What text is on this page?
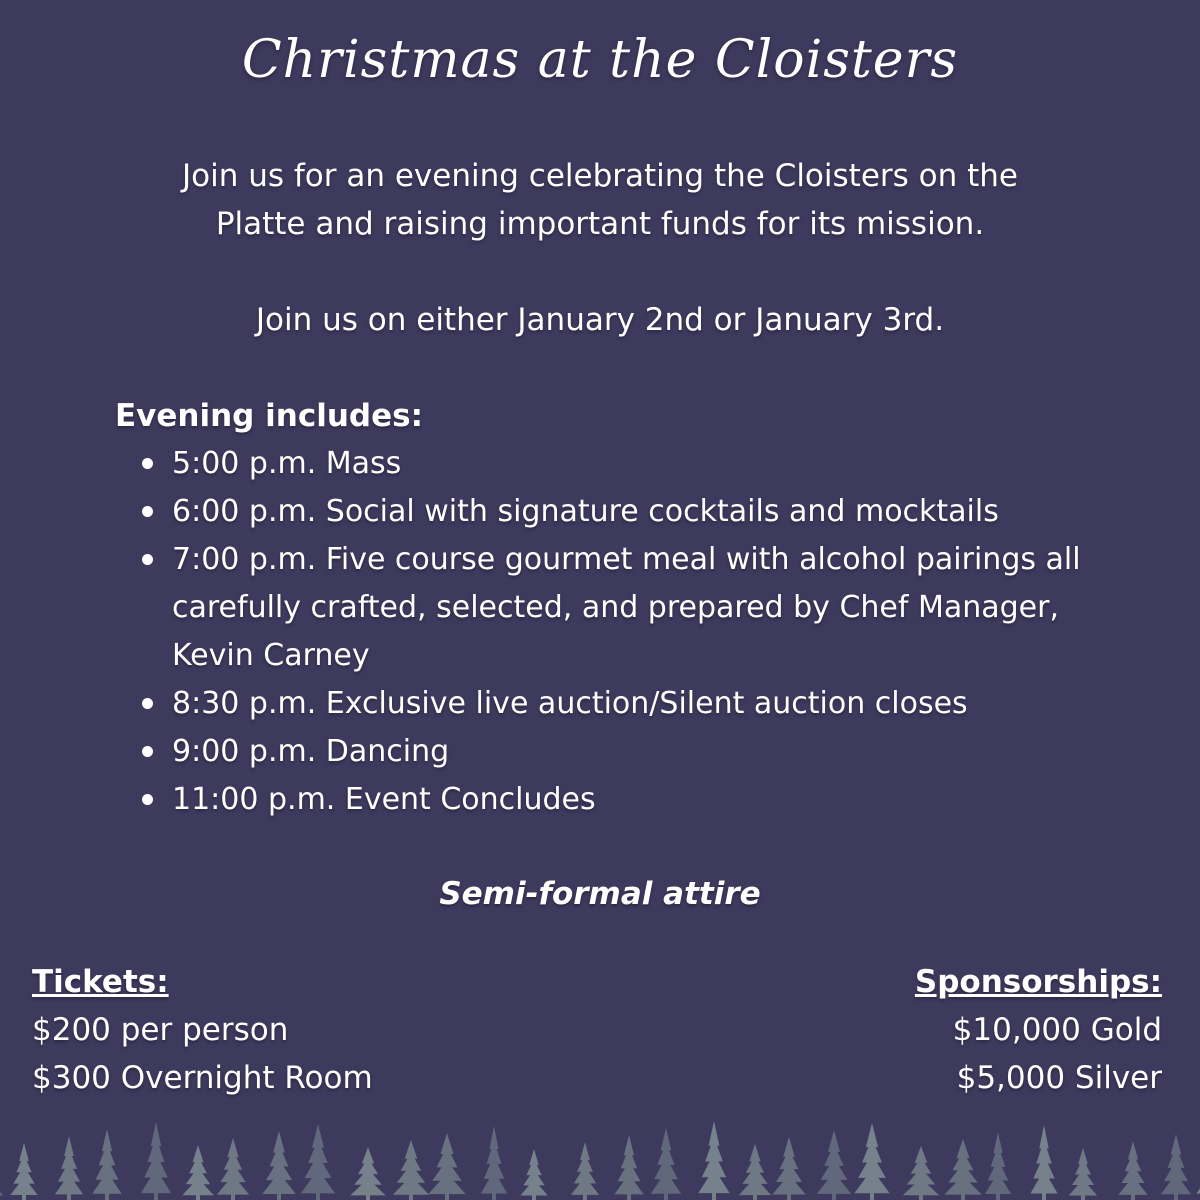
Christmas at the Cloisters
Join us for an evening celebrating the Cloisters on the
Platte and raising important funds for its mission.
Join us on either January 2nd or January 3rd.
Evening includes:
5:00 p.m. Mass
6:00 p.m. Social with signature cocktails and mocktails
7:00 p.m. Five course gourmet meal with alcohol pairings all carefully crafted, selected, and prepared by Chef Manager, Kevin Carney
8:30 p.m. Exclusive live auction/Silent auction closes
9:00 p.m. Dancing
11:00 p.m. Event Concludes
Semi-formal attire
Tickets:
$200 per person
$300 Overnight Room
Sponsorships:
$10,000 Gold
$5,000 Silver
